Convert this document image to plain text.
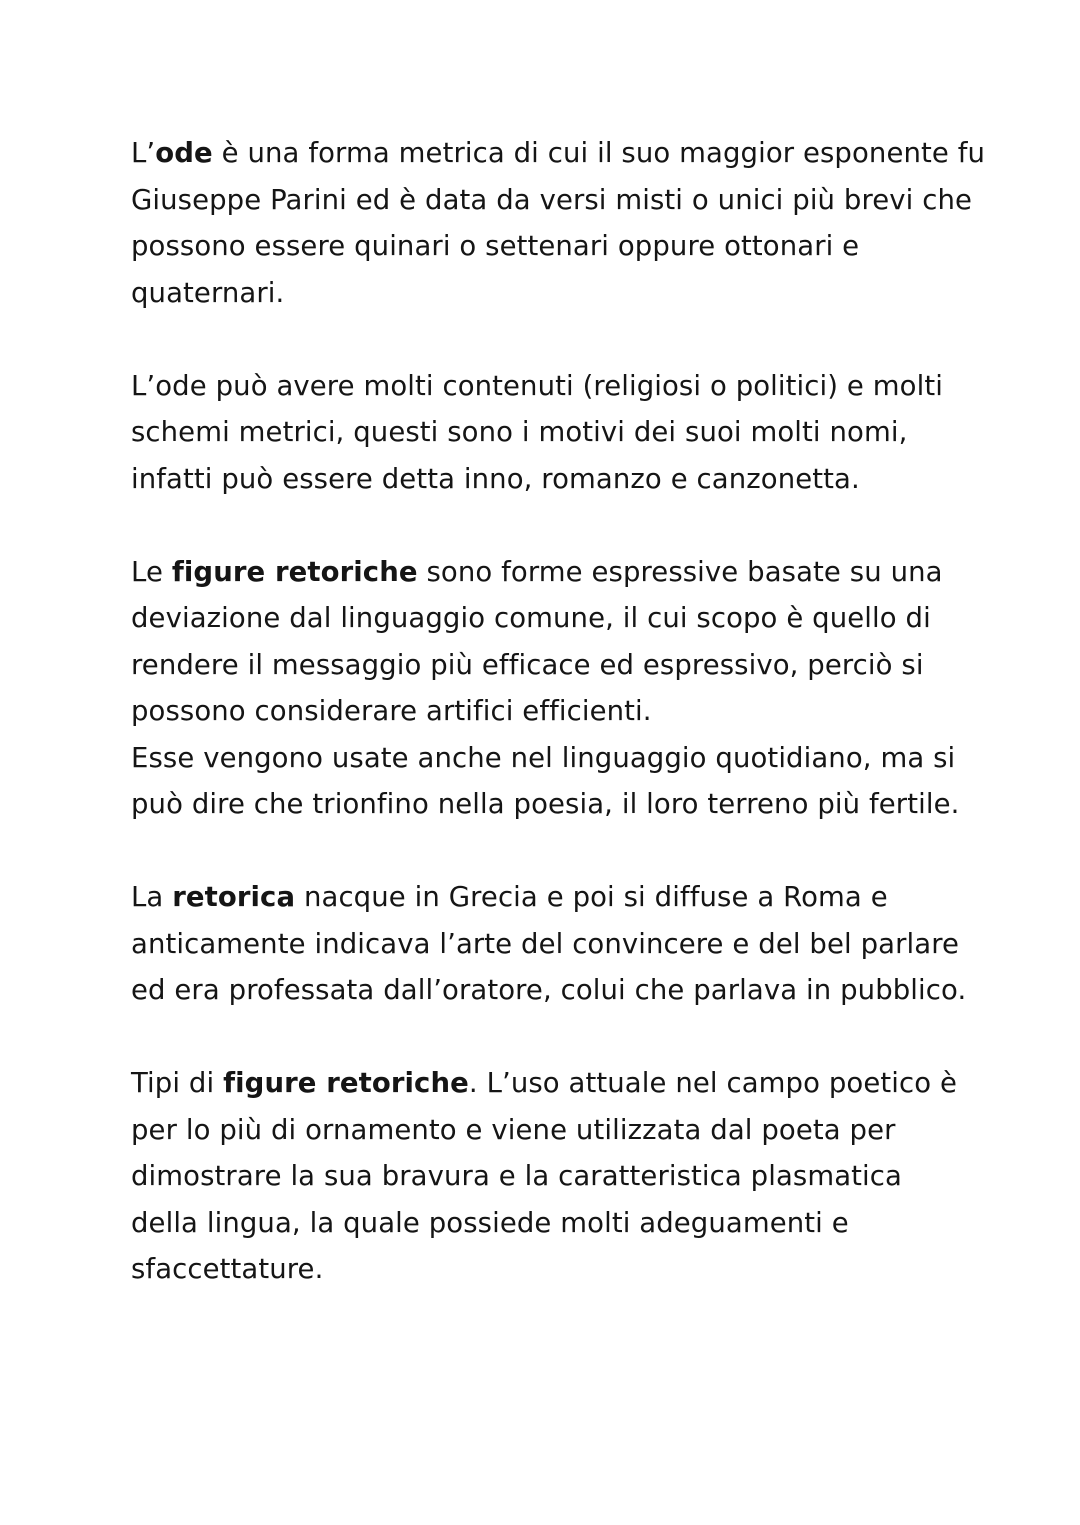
L’ode è una forma metrica di cui il suo maggior esponente fu
Giuseppe Parini ed è data da versi misti o unici più brevi che
possono essere quinari o settenari oppure ottonari e
quaternari.
L’ode può avere molti contenuti (religiosi o politici) e molti
schemi metrici, questi sono i motivi dei suoi molti nomi,
infatti può essere detta inno, romanzo e canzonetta.
Le figure retoriche sono forme espressive basate su una
deviazione dal linguaggio comune, il cui scopo è quello di
rendere il messaggio più efficace ed espressivo, perciò si
possono considerare artifici efficienti.
Esse vengono usate anche nel linguaggio quotidiano, ma si
può dire che trionfino nella poesia, il loro terreno più fertile.
La retorica nacque in Grecia e poi si diffuse a Roma e
anticamente indicava l’arte del convincere e del bel parlare
ed era professata dall’oratore, colui che parlava in pubblico.
Tipi di figure retoriche. L’uso attuale nel campo poetico è
per lo più di ornamento e viene utilizzata dal poeta per
dimostrare la sua bravura e la caratteristica plasmatica
della lingua, la quale possiede molti adeguamenti e
sfaccettature.
